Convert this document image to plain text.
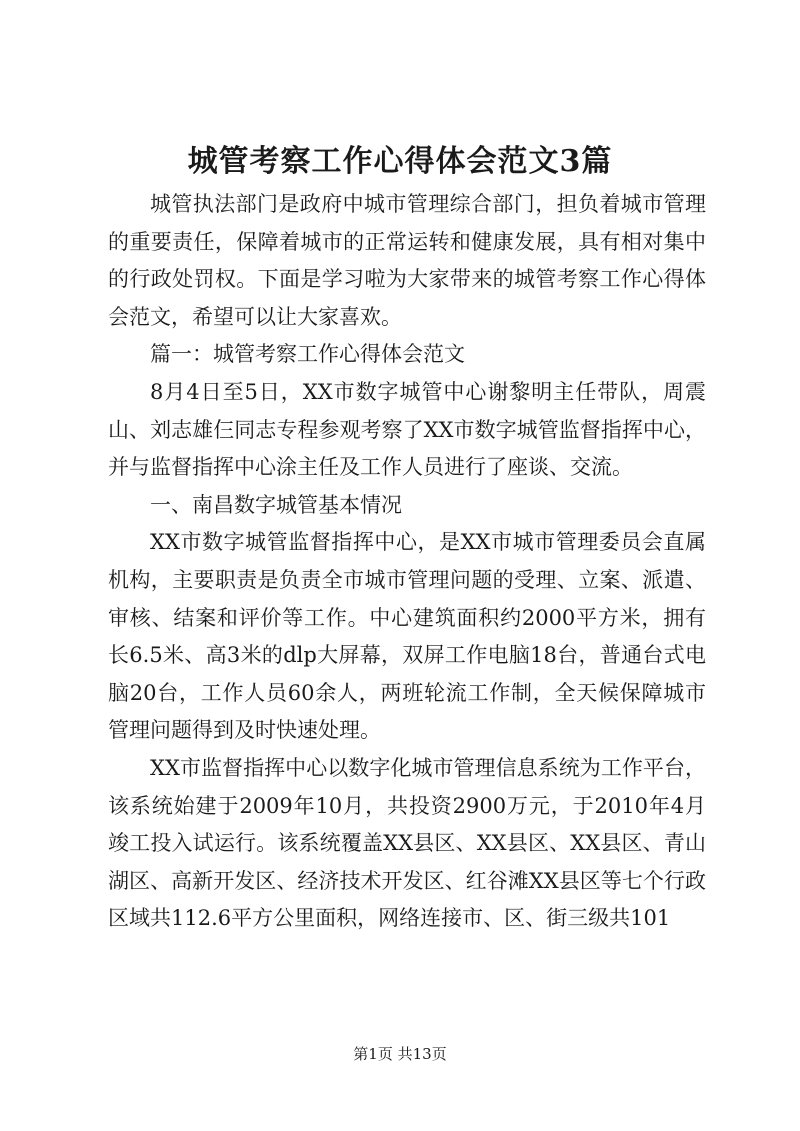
城管考察工作心得体会范文3篇

城管执法部门是政府中城市管理综合部门，担负着城市管理的重要责任，保障着城市的正常运转和健康发展，具有相对集中的行政处罚权。下面是学习啦为大家带来的城管考察工作心得体会范文，希望可以让大家喜欢。

篇一：城管考察工作心得体会范文

8月4日至5日，XX市数字城管中心谢黎明主任带队，周震山、刘志雄仨同志专程参观考察了XX市数字城管监督指挥中心，并与监督指挥中心涂主任及工作人员进行了座谈、交流。

一、南昌数字城管基本情况

XX市数字城管监督指挥中心，是XX市城市管理委员会直属机构，主要职责是负责全市城市管理问题的受理、立案、派遣、审核、结案和评价等工作。中心建筑面积约2000平方米，拥有长6.5米、高3米的dlp大屏幕，双屏工作电脑18台，普通台式电脑20台，工作人员60余人，两班轮流工作制，全天候保障城市管理问题得到及时快速处理。

XX市监督指挥中心以数字化城市管理信息系统为工作平台，该系统始建于2009年10月，共投资2900万元，于2010年4月竣工投入试运行。该系统覆盖XX县区、XX县区、XX县区、青山湖区、高新开发区、经济技术开发区、红谷滩XX县区等七个行政区域共112.6平方公里面积，网络连接市、区、街三级共101

第1页 共13页
